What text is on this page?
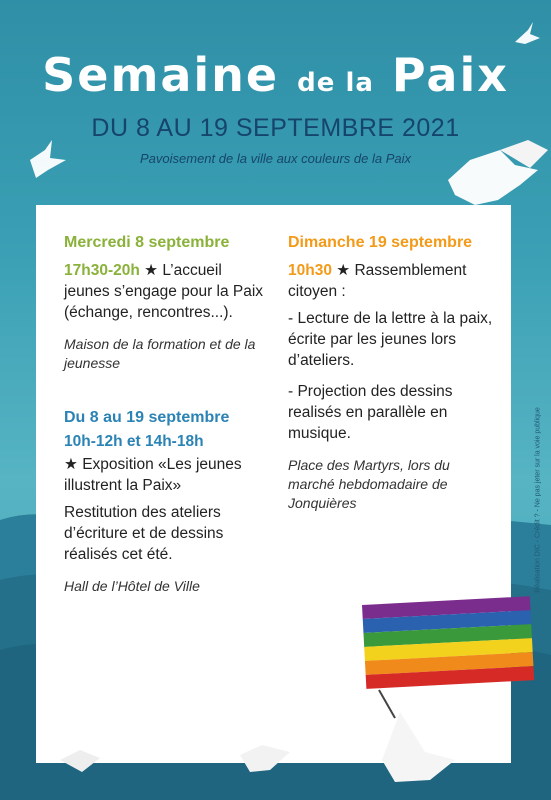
Semaine de la Paix
DU 8 AU 19 SEPTEMBRE 2021
Pavoisement de la ville aux couleurs de la Paix
Mercredi 8 septembre
17h30-20h ★ L’accueil jeunes s’engage pour la Paix (échange, rencontres...).
Maison de la formation et de la jeunesse
Du 8 au 19 septembre
10h-12h et 14h-18h
★ Exposition «Les jeunes illustrent la Paix»
Restitution des ateliers d’écriture et de dessins réalisés cet été.
Hall de l’Hôtel de Ville
Dimanche 19 septembre
10h30 ★ Rassemblement citoyen :
- Lecture de la lettre à la paix, écrite par les jeunes lors d’ateliers.
- Projection des dessins realisés en parallèle en musique.
Place des Martyrs, lors du marché hebdomadaire de Jonquières	Réalisation DIC - Crédit ? - Ne pas jeter sur la voie publique
